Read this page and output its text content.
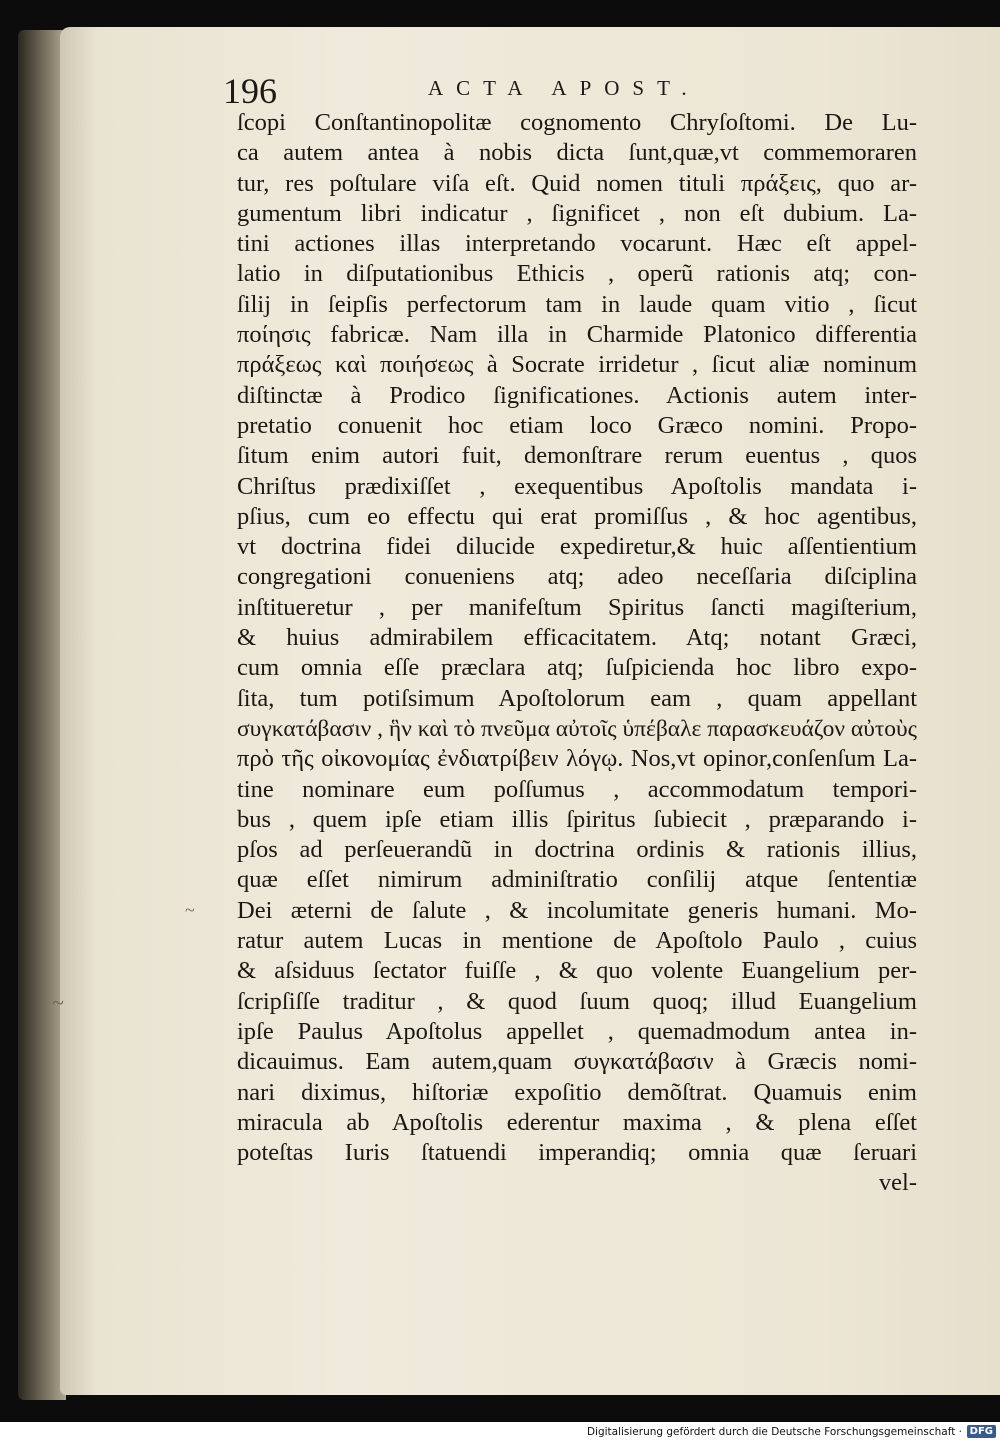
196	ACTA APOST.
ſcopi Conſtantinopolitæ cognomento Chryſoſtomi. De Lu-
ca autem antea à nobis dicta ſunt,quæ,vt commemoraren
tur, res poſtulare viſa eſt. Quid nomen tituli πράξεις, quo ar-
gumentum libri indicatur , ſignificet , non eſt dubium. La-
tini actiones illas interpretando vocarunt. Hæc eſt appel-
latio in diſputationibus Ethicis , operũ rationis atq; con-
ſilij in ſeipſis perfectorum tam in laude quam vitio , ſicut
ποίησις fabricæ. Nam illa in Charmide Platonico differentia
πράξεως καὶ ποιήσεως à Socrate irridetur , ſicut aliæ nominum
diſtinctæ à Prodico ſignificationes. Actionis autem inter-
pretatio conuenit hoc etiam loco Græco nomini. Propo-
ſitum enim autori fuit, demonſtrare rerum euentus , quos
Chriſtus prædixiſſet , exequentibus Apoſtolis mandata i-
pſius, cum eo effectu qui erat promiſſus , & hoc agentibus,
vt doctrina fidei dilucide expediretur,& huic aſſentientium
congregationi conueniens atq; adeo neceſſaria diſciplina
inſtitueretur , per manifeſtum Spiritus ſancti magiſterium,
& huius admirabilem efficacitatem. Atq; notant Græci,
cum omnia eſſe præclara atq; ſuſpicienda hoc libro expo-
ſita, tum potiſsimum Apoſtolorum eam , quam appellant
συγκατάβασιν , ἣν καὶ τὸ πνεῦμα αὐτοῖς ὑπέβαλε παρασκευάζον αὐτοὺς
πρὸ τῆς οἰκονομίας ἐνδιατρίβειν λόγῳ. Nos,vt opinor,conſenſum La-
tine nominare eum poſſumus , accommodatum tempori-
bus , quem ipſe etiam illis ſpiritus ſubiecit , præparando i-
pſos ad perſeuerandũ in doctrina ordinis & rationis illius,
quæ eſſet nimirum adminiſtratio conſilij atque ſententiæ
Dei æterni de ſalute , & incolumitate generis humani. Mo-
ratur autem Lucas in mentione de Apoſtolo Paulo , cuius
& aſsiduus ſectator fuiſſe , & quo volente Euangelium per-
ſcripſiſſe traditur , & quod ſuum quoq; illud Euangelium
ipſe Paulus Apoſtolus appellet , quemadmodum antea in-
dicauimus. Eam autem,quam συγκατάβασιν à Græcis nomi-
nari diximus, hiſtoriæ expoſitio demõſtrat. Quamuis enim
miracula ab Apoſtolis ederentur maxima , & plena eſſet
poteſtas Iuris ſtatuendi imperandiq; omnia quæ ſeruari
vel-
~
~
Digitalisierung gefördert durch die Deutsche Forschungsgemeinschaft · DFG
